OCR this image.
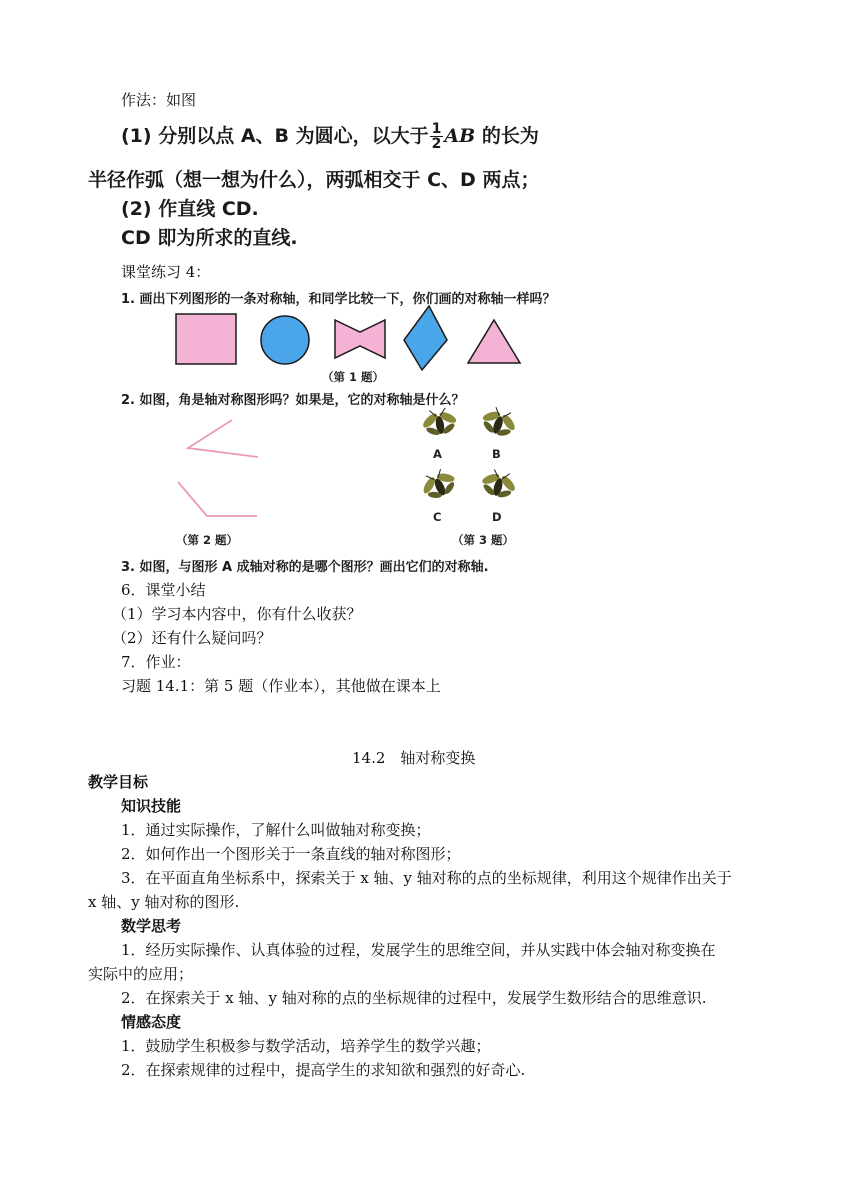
作法：如图
(1) 分别以点 A、B 为圆心，以大于 $\frac{1}{2}$ AB 的长为
半径作弧（想一想为什么），两弧相交于 C、D 两点；
(2) 作直线 CD.
CD 即为所求的直线.
课堂练习 4：
1. 画出下列图形的一条对称轴，和同学比较一下，你们画的对称轴一样吗？
（第 1 题）
2. 如图，角是轴对称图形吗？如果是，它的对称轴是什么？
（第 2 题）
A	B
C	D
（第 3 题）
3. 如图，与图形 A 成轴对称的是哪个图形？画出它们的对称轴.
6．课堂小结
（1）学习本内容中，你有什么收获？
（2）还有什么疑问吗？
7．作业：
习题 14.1：第 5 题（作业本），其他做在课本上
14.2　轴对称变换
教学目标
知识技能
1．通过实际操作，了解什么叫做轴对称变换；
2．如何作出一个图形关于一条直线的轴对称图形；
3．在平面直角坐标系中，探索关于 x 轴、y 轴对称的点的坐标规律，利用这个规律作出关于
x 轴、y 轴对称的图形.
数学思考
1．经历实际操作、认真体验的过程，发展学生的思维空间，并从实践中体会轴对称变换在
实际中的应用；
2．在探索关于 x 轴、y 轴对称的点的坐标规律的过程中，发展学生数形结合的思维意识.
情感态度
1．鼓励学生积极参与数学活动，培养学生的数学兴趣；
2．在探索规律的过程中，提高学生的求知欲和强烈的好奇心.
